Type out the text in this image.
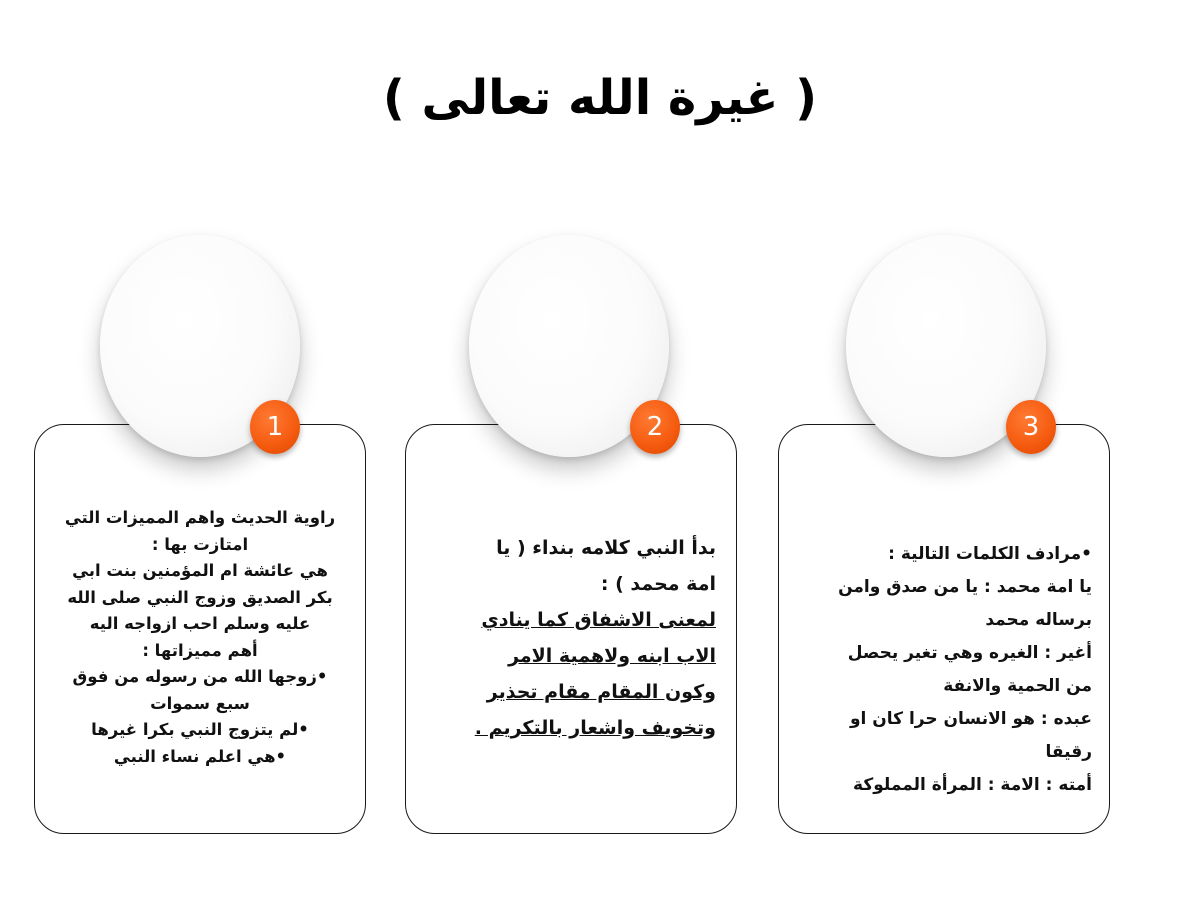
( غيرة الله تعالى )
1
راوية الحديث واهم المميزات التي
امتازت بها :
هي عائشة ام المؤمنين بنت ابي
بكر الصديق وزوج النبي صلى الله
عليه وسلم احب ازواجه اليه
أهم مميزاتها :
•زوجها الله من رسوله من فوق
سبع سموات
•لم يتزوج النبي بكرا غيرها
•هي اعلم نساء النبي
2
بدأ النبي كلامه بنداء ( يا
امة محمد ) :
لمعنى الاشفاق كما ينادي
الاب ابنه ولاهمية الامر
وكون المقام مقام تحذير
وتخويف واشعار بالتكريم .
3
•مرادف الكلمات التالية :
يا امة محمد : يا من صدق وامن
برساله محمد
أغير : الغيره وهي تغير يحصل
من الحمية والانفة
عبده : هو الانسان حرا كان او
رقيقا
أمته : الامة : المرأة المملوكة
